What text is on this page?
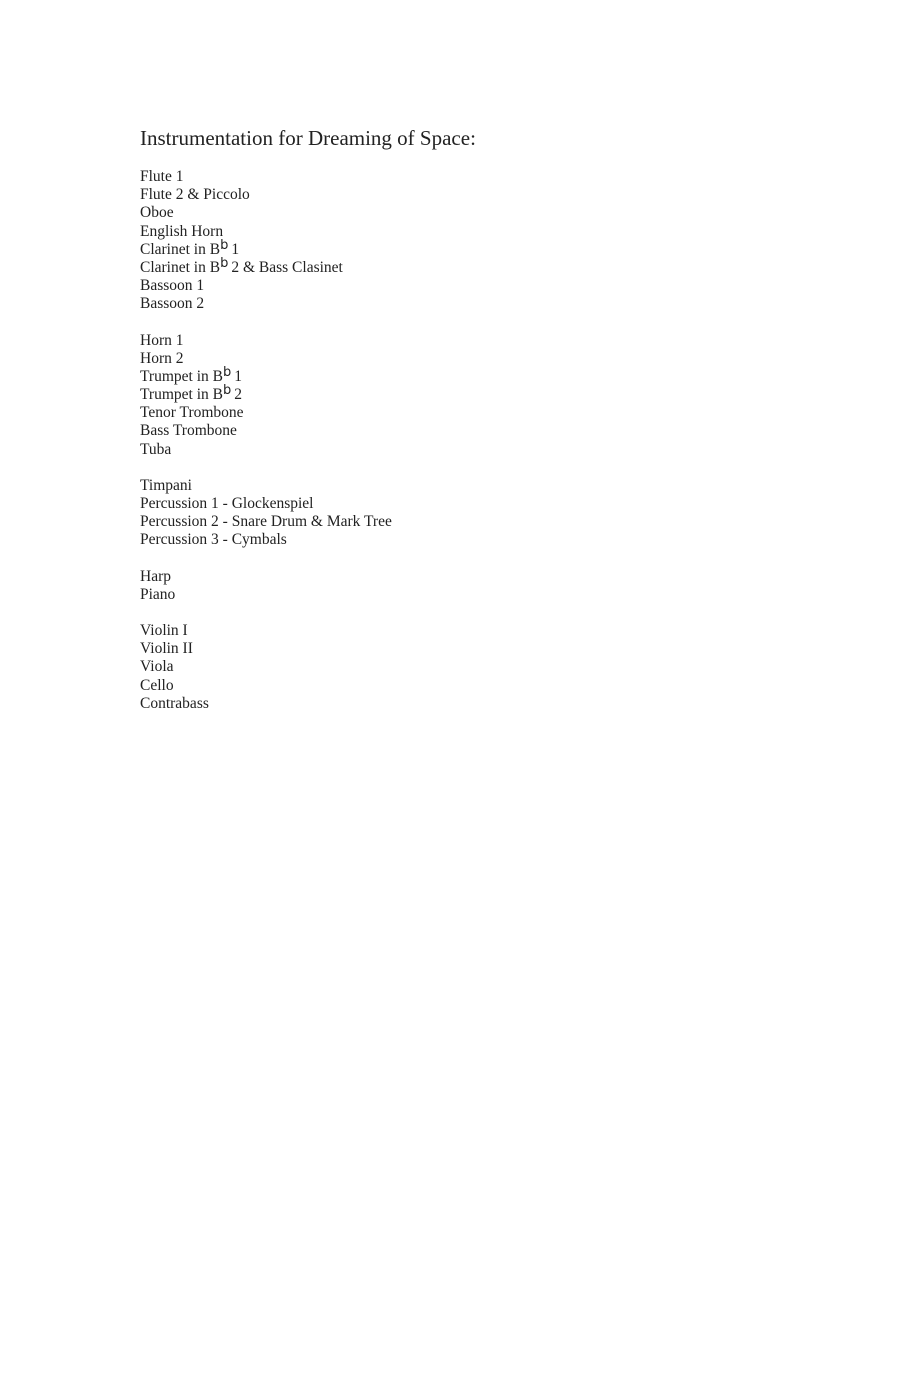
Instrumentation for Dreaming of Space:
Flute 1
Flute 2 & Piccolo
Oboe
English Horn
Clarinet in $B^b$ 1
Clarinet in $B^b$ 2 & Bass Clasinet
Bassoon 1
Bassoon 2
Horn 1
Horn 2
Trumpet in $B^b$ 1
Trumpet in $B^b$ 2
Tenor Trombone
Bass Trombone
Tuba
Timpani
Percussion 1 - Glockenspiel
Percussion 2 - Snare Drum & Mark Tree
Percussion 3 - Cymbals
Harp
Piano
Violin I
Violin II
Viola
Cello
Contrabass
